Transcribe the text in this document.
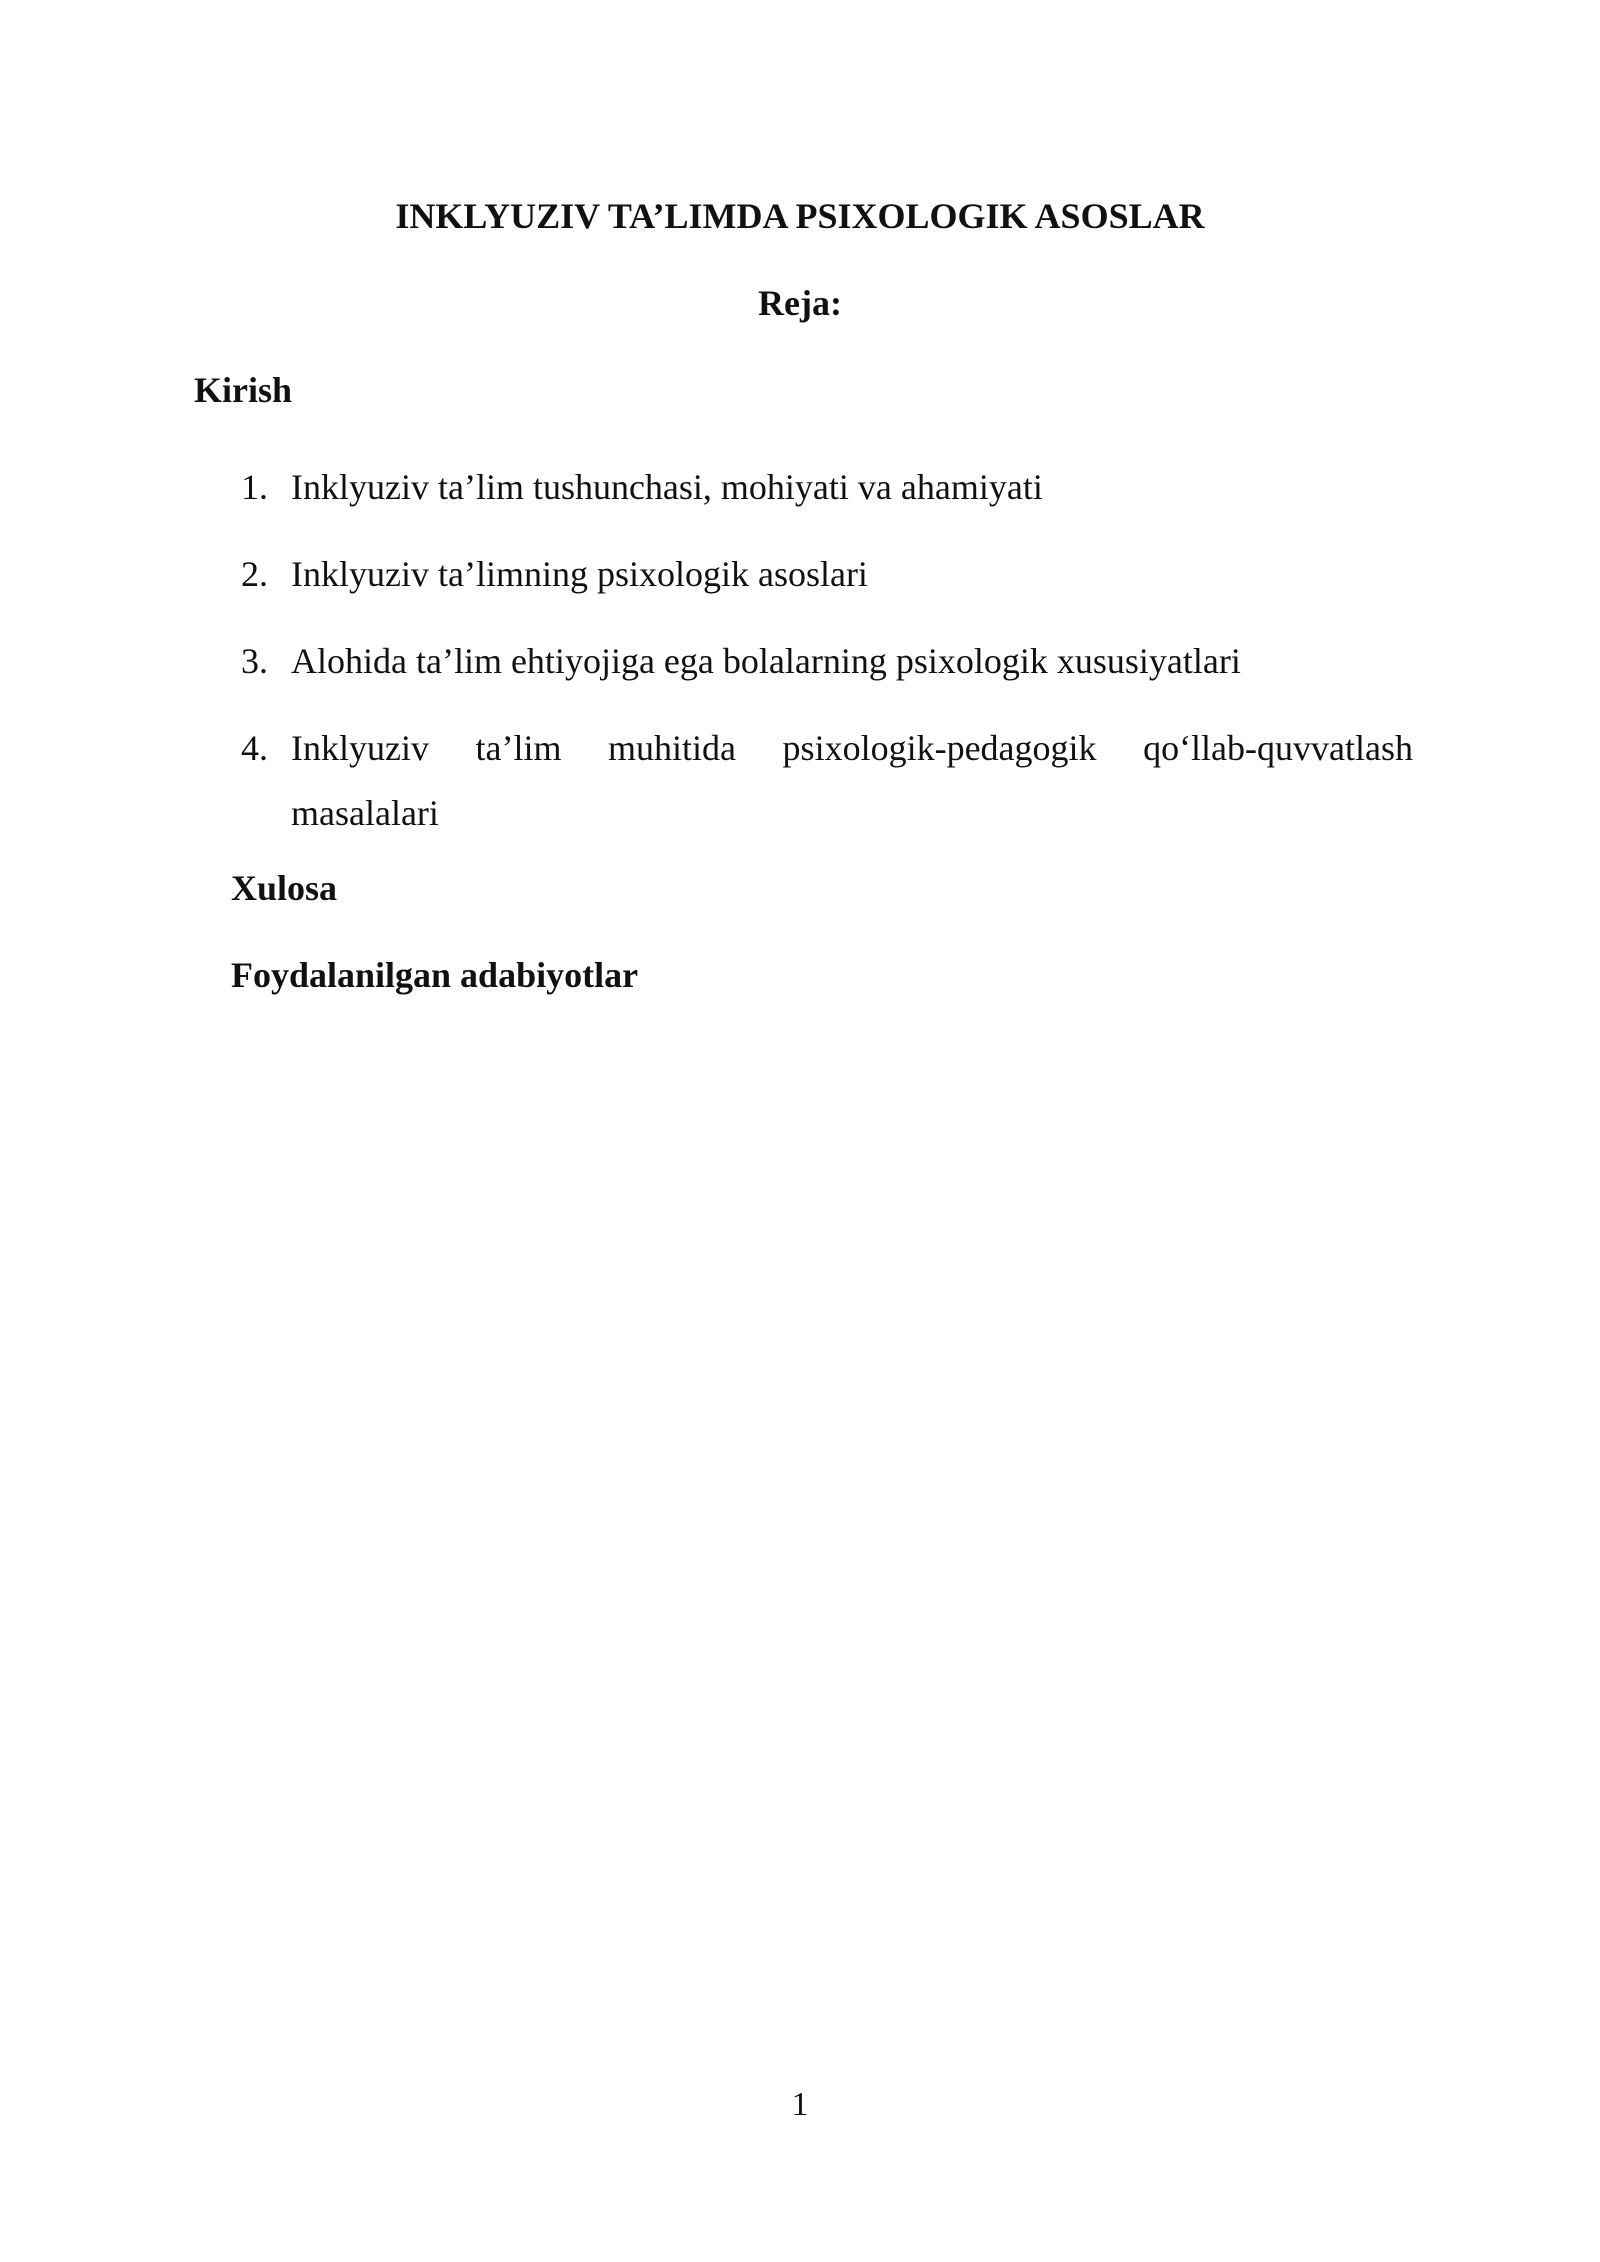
INKLYUZIV TA’LIMDA PSIXOLOGIK ASOSLAR
Reja:
Kirish
1. Inklyuziv ta’lim tushunchasi, mohiyati va ahamiyati
2. Inklyuziv ta’limning psixologik asoslari
3. Alohida ta’lim ehtiyojiga ega bolalarning psixologik xususiyatlari
4. Inklyuziv ta’lim muhitida psixologik-pedagogik qo‘llab-quvvatlash masalalari
Xulosa
Foydalanilgan adabiyotlar
1
